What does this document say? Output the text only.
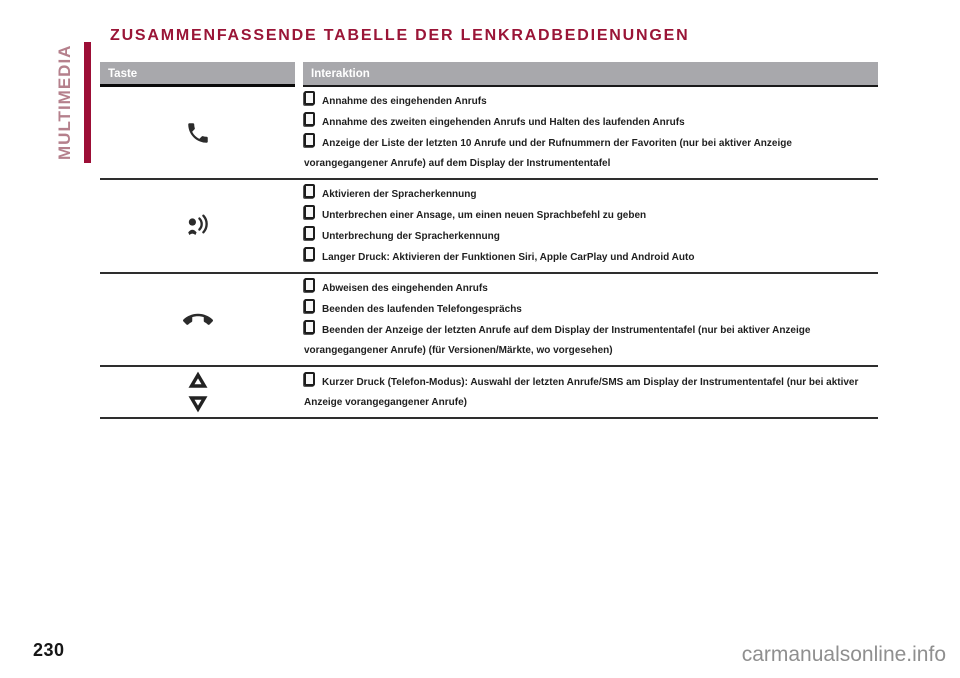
MULTIMEDIA
ZUSAMMENFASSENDE TABELLE DER LENKRADBEDIENUNGEN
Taste	Interaktion
Annahme des eingehenden Anrufs
Annahme des zweiten eingehenden Anrufs und Halten des laufenden Anrufs
Anzeige der Liste der letzten 10 Anrufe und der Rufnummern der Favoriten (nur bei aktiver Anzeige vorangegangener Anrufe) auf dem Display der Instrumententafel
Aktivieren der Spracherkennung
Unterbrechen einer Ansage, um einen neuen Sprachbefehl zu geben
Unterbrechung der Spracherkennung
Langer Druck: Aktivieren der Funktionen Siri, Apple CarPlay und Android Auto
Abweisen des eingehenden Anrufs
Beenden des laufenden Telefongesprächs
Beenden der Anzeige der letzten Anrufe auf dem Display der Instrumententafel (nur bei aktiver Anzeige vorangegangener Anrufe) (für Versionen/Märkte, wo vorgesehen)
Kurzer Druck (Telefon-Modus): Auswahl der letzten Anrufe/SMS am Display der Instrumententafel (nur bei aktiver Anzeige vorangegangener Anrufe)
230	carmanualsonline.info
